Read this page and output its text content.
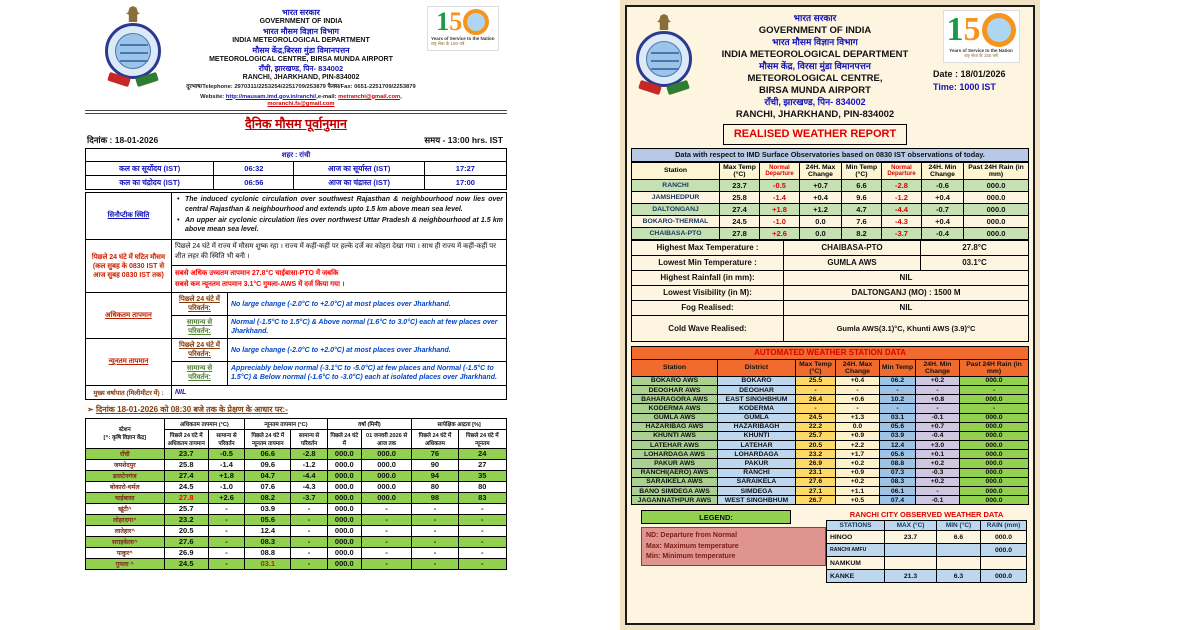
भारत सरकार
GOVERNMENT OF INDIA
भारत मौसम विज्ञान विभाग
INDIA METEOROLOGICAL DEPARTMENT
मौसम केंद्र,बिरसा मुंडा विमानपत्तन
METEOROLOGICAL CENTRE, BIRSA MUNDA AIRPORT
राँची, झारखण्ड, पिन- 834002
RANCHI, JHARKHAND, PIN-834002
दूरभाष/Telephone: 2970311/2253254/2251709/253879 फैक्स/Fax: 0651-2251709/2253879
Website: http://mausam.imd.gov.in/ranchi/,e-mail: metranchi@gmail.com, moranchi.fs@gmail.com
1 5
Years of Service to the Nation
राष्ट्र सेवा के 150 वर्ष
दैनिक मौसम पूर्वानुमान
दिनांक : 18-01-2026	समय - 13:00 hrs. IST
शहर : रांची			
कल का सूर्योदय (IST)	06:32	आज का सूर्यास्त (IST)	17:27
कल का चंद्रोदय (IST)	06:56	आज का चंद्रास्त (IST)	17:00
सिनौप्टीक स्थिति	• The induced cyclonic circulation over southwest Rajasthan & neighbourhood now lies over central Rajasthan & neighbourhood and extends upto 1.5 km above mean sea level.
• An upper air cyclonic circulation lies over northwest Uttar Pradesh & neighbourhood at 1.5 km above mean sea level.

पिछले 24 घंटे में घटित मौसम
(कल सुबह के 0830 IST से आज सुबह 0830 IST तक)	पिछले 24 घंटे में राज्य में मौसम शुष्क रहा । राज्य में कहीं-कहीं पर हल्के दर्जे का कोहरा देखा गया । साथ ही राज्य में कहीं-कहीं पर शीत लहर की स्थिति भी बनी ।	

	सबसे अधिक उच्चतम तापमान 27.8°C चाईबासा-PTO में जबकि
सबसे कम न्यूनतम तापमान 3.1°C गुमला-AWS में दर्ज किया गया ।	

अधिकतम तापमान	पिछले 24 घंटे में परिवर्तन:	No large change (-2.0°C to +2.0°C) at most places over Jharkhand.
	सामान्य से परिवर्तन:	Normal (-1.5°C to 1.5°C) & Above normal (1.6°C to 3.0°C) each at few places over Jharkhand.
न्यूनतम तापमान	पिछले 24 घंटे में परिवर्तन:	No large change (-2.0°C to +2.0°C) at most places over Jharkhand.
	सामान्य से परिवर्तन:	Appreciably below normal (-3.1°C to -5.0°C) at few places and Normal (-1.5°C to 1.5°C) & Below normal (-1.6°C to -3.0°C) each at isolated places over Jharkhand.
मुख्य वर्षापात (मिलीमीटर में) :	NIL	
➢ दिनांक 18-01-2026 को 08:30 बजे तक के प्रेक्षण के आधार पर:-
स्टेशन
[^: कृषि विज्ञान केंद्र]	अधिकतम तापमान (°C)		न्यूनतम तापमान (°C)		वर्षा (मिमी)		सापेक्षिक आद्रता [%]	
	पिछले 24 घंटे में अधिकतम तापमान	सामान्य से परिवर्तन	पिछले 24 घंटे में न्यूनतम तापमान	सामान्य से परिवर्तन	पिछले 24 घंटे में	01 जनवरी 2026 से आज तक	पिछले 24 घंटे में अधिकतम	पिछले 24 घंटे में न्यूनतम
राँची	23.7	-0.5	06.6	-2.8	000.0	000.0	76	24
जमशेदपुर	25.8	-1.4	09.6	-1.2	000.0	000.0	90	27
डालटेनगंज	27.4	+1.8	04.7	-4.4	000.0	000.0	94	35
बोकारो-थर्मल	24.5	-1.0	07.6	-4.3	000.0	000.0	80	80
चाईबासा	27.8	+2.6	08.2	-3.7	000.0	000.0	98	83
खूंटी^	25.7	-	03.9	-	000.0	-	-	-
लोहरदगा^	23.2	-	05.6	-	000.0	-	-	-
लातेहार^	20.5	-	12.4	-	000.0	-	-	-
सराइकेला^	27.6	-	08.3	-	000.0	-	-	-
पाकुर^	26.9	-	08.8	-	000.0	-	-	-
गुमला ^	24.5	-	03.1	-	000.0	-	-	-
भारत सरकार
GOVERNMENT OF INDIA
भारत मौसम विज्ञान विभाग
INDIA METEOROLOGICAL DEPARTMENT
मौसम केंद्र, विरसा मुंडा विमानपत्तन
METEOROLOGICAL CENTRE,
BIRSA MUNDA AIRPORT
राँची, झारखण्ड, पिन- 834002
RANCHI, JHARKHAND, PIN-834002
REALISED WEATHER REPORT
1 5
Years of Service to the Nation
राष्ट्र सेवा के 150 वर्ष
Date : 18/01/2026
Time: 1000 IST
Data with respect to IMD Surface Observatories based on 0830 IST observations of today.
Station	Max Temp (°C)	Normal Departure	24H. Max Change	Min Temp (°C)	Normal Departure	24H. Min Change	Past 24H Rain (in mm)
RANCHI	23.7	-0.5	+0.7	6.6	-2.8	-0.6	000.0
JAMSHEDPUR	25.8	-1.4	+0.4	9.6	-1.2	+0.4	000.0
DALTONGANJ	27.4	+1.8	+1.2	4.7	-4.4	-0.7	000.0
BOKARO-THERMAL	24.5	-1.0	0.0	7.6	-4.3	+0.4	000.0
CHAIBASA-PTO	27.8	+2.6	0.0	8.2	-3.7	-0.4	000.0
Highest Max Temperature :	CHAIBASA-PTO	27.8°C
Lowest Min Temperature :	GUMLA AWS	03.1°C
Highest Rainfall (in mm):	NIL	
Lowest Visibility (in M):	DALTONGANJ (MO) : 1500 M	
Fog Realised:	NIL	
Cold Wave Realised:	Gumla AWS(3.1)°C, Khunti AWS (3.9)°C	
AUTOMATED WEATHER STATION DATA
Station	District	Max Temp (°C)	24H. Max Change	Min Temp	24H. Min Change	Past 24H Rain (in mm)
BOKARO AWS	BOKARO	25.5	+0.4	06.2	+0.2	000.0
DEOGHAR AWS	DEOGHAR	-	-	-	-	-
BAHARAGORA AWS	EAST SINGHBHUM	26.4	+0.6	10.2	+0.8	000.0
KODERMA AWS	KODERMA	-	-	-	-	-
GUMLA AWS	GUMLA	24.5	+1.3	03.1	-0.1	000.0
HAZARIBAG AWS	HAZARIBAGH	22.2	0.0	05.6	+0.7	000.0
KHUNTI AWS	KHUNTI	25.7	+0.9	03.9	-0.4	000.0
LATEHAR AWS	LATEHAR	20.5	+2.2	12.4	+3.0	000.0
LOHARDAGA AWS	LOHARDAGA	23.2	+1.7	05.6	+0.1	000.0
PAKUR AWS	PAKUR	26.9	+0.2	08.8	+0.2	000.0
RANCHI(AERO) AWS	RANCHI	23.1	+0.9	07.3	-0.3	000.0
SARAIKELA AWS	SARAIKELA	27.6	+0.2	08.3	+0.2	000.0
BANO SIMDEGA AWS	SIMDEGA	27.1	+1.1	06.1	-	000.0
JAGANNATHPUR AWS	WEST SINGHBHUM	26.7	+0.5	07.4	-0.1	000.0
LEGEND:
ND: Departure from Normal
Max: Maximum temperature
Min: Minimum temperature
RANCHI CITY OBSERVED WEATHER DATA
STATIONS	MAX (°C)	MIN (°C)	RAIN (mm)
HINOO	23.7	6.6	000.0
RANCHI AMFU			000.0
NAMKUM			
KANKE	21.3	6.3	000.0
